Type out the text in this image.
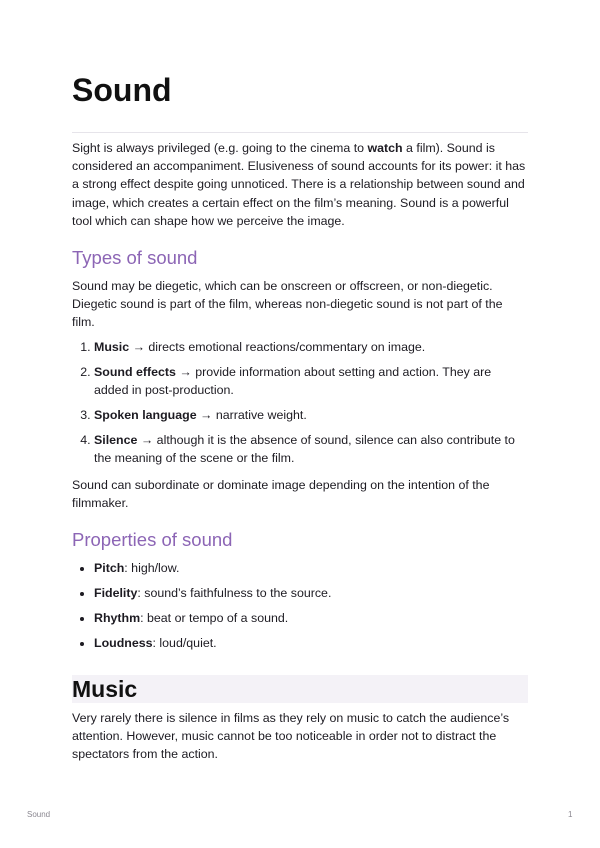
Sound

Sight is always privileged (e.g. going to the cinema to watch a film). Sound is considered an accompaniment. Elusiveness of sound accounts for its power: it has a strong effect despite going unnoticed. There is a relationship between sound and image, which creates a certain effect on the film’s meaning. Sound is a powerful tool which can shape how we perceive the image.

Types of sound

Sound may be diegetic, which can be onscreen or offscreen, or non-diegetic. Diegetic sound is part of the film, whereas non-diegetic sound is not part of the film.

1. Music → directs emotional reactions/commentary on image.
2. Sound effects → provide information about setting and action. They are added in post-production.
3. Spoken language → narrative weight.
4. Silence → although it is the absence of sound, silence can also contribute to the meaning of the scene or the film.

Sound can subordinate or dominate image depending on the intention of the filmmaker.

Properties of sound
• Pitch: high/low.
• Fidelity: sound’s faithfulness to the source.
• Rhythm: beat or tempo of a sound.
• Loudness: loud/quiet.
Music

Very rarely there is silence in films as they rely on music to catch the audience’s attention. However, music cannot be too noticeable in order not to distract the spectators from the action.

Sound	1
